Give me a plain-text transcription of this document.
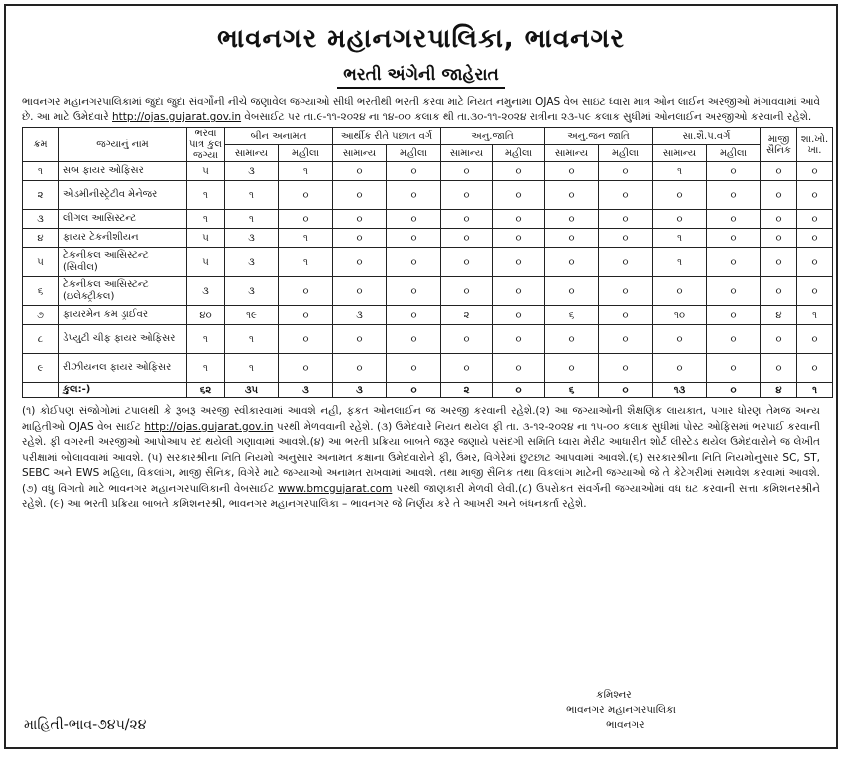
ભાવનગર મહાનગરપાલિકા, ભાવનગર
ભરતી અંગેની જાહેરાત
ભાવનગર મહાનગરપાલિકામાં જુદા જુદા સંવર્ગોની નીચે જણાવેલ જગ્યાઓ સીધી ભરતીથી ભરતી કરવા માટે નિયત નમુનામા OJAS વેબ સાઇટ ધ્વારા માત્ર ઓન લાઈન અરજીઓ મંગાવવામાં આવે છે. આ માટે ઉમેદવારે http://ojas.gujarat.gov.in વેબસાઈટ પર તા.૯-૧૧-૨૦૨૪ ના ૧૪-૦૦ કલાક થી તા.૩૦-૧૧-૨૦૨૪ રાત્રીના ૨૩-૫૯ કલાક સુધીમાં ઓનલાઈન અરજીઓ કરવાની રહેશે.
ક્રમ	જગ્યાનું નામ	ભરવા પાત્ર કુલ જગ્યા	બીન અનામત		આર્થીક રીતે પછાત વર્ગ		અનુ.જાતિ		અનુ.જન જાતિ		સા.શૈ.પ.વર્ગ		માજી સૈનિક	શા.ખો. ખા.
			સામાન્ય	મહીલા	સામાન્ય	મહીલા	સામાન્ય	મહીલા	સામાન્ય	મહીલા	સામાન્ય	મહીલા		
૧	સબ ફાયર ઓફિસર	૫	૩	૧	૦	૦	૦	૦	૦	૦	૧	૦	૦	૦
૨	એડમીનીસ્ટ્રેટીવ મેનેજર	૧	૧	૦	૦	૦	૦	૦	૦	૦	૦	૦	૦	૦
૩	લીગલ આસિસ્ટન્ટ	૧	૧	૦	૦	૦	૦	૦	૦	૦	૦	૦	૦	૦
૪	ફાયર ટેકનીશીયન	૫	૩	૧	૦	૦	૦	૦	૦	૦	૧	૦	૦	૦
૫	ટેકનીકલ આસિસ્ટન્ટ (સિવીલ)	૫	૩	૧	૦	૦	૦	૦	૦	૦	૧	૦	૦	૦
૬	ટેકનીકલ આસિસ્ટન્ટ (ઇલેક્ટ્રીકલ)	૩	૩	૦	૦	૦	૦	૦	૦	૦	૦	૦	૦	૦
૭	ફાયરમેન કમ ડ્રાઈવર	૪૦	૧૯	૦	૩	૦	૨	૦	૬	૦	૧૦	૦	૪	૧
૮	ડેપ્યુટી ચીફ ફાયર ઓફિસર	૧	૧	૦	૦	૦	૦	૦	૦	૦	૦	૦	૦	૦
૯	રીઝીયનલ ફાયર ઓફિસર	૧	૧	૦	૦	૦	૦	૦	૦	૦	૦	૦	૦	૦
	કુલ:-)	૬૨	૩૫	૩	૩	૦	૨	૦	૬	૦	૧૩	૦	૪	૧
(૧) કોઈપણ સંજોગોમાં ટપાલથી કે રૂબરૂ અરજી સ્વીકારવામાં આવશે નહી, ફકત ઓનલાઈન જ અરજી કરવાની રહેશે.(૨) આ જગ્યાઓની શૈક્ષણિક લાયકાત, પગાર ધોરણ તેમજ અન્ય માહિતીઓ OJAS વેબ સાઈટ http://ojas.gujarat.gov.in પરથી મેળવવાની રહેશે. (૩) ઉમેદવારે નિયત થયેલ ફી તા. ૩-૧૨-૨૦૨૪ ના ૧૫-૦૦ કલાક સુધીમાં પોસ્ટ ઓફિસમાં ભરપાઈ કરવાની રહેશે. ફી વગરની અરજીઓ આપોઆપ રદ થયેલી ગણાવામાં આવશે.(૪) આ ભરતી પ્રક્રિયા બાબતે જરૂર જણાયે પસંદગી સમિતિ ધ્વારા મેરીટ આધારીત શોર્ટ લીસ્ટેડ થયેલ ઉમેદવારોને જ લેખીત પરીક્ષામાં બોલાવવામાં આવશે. (૫) સરકારશ્રીના નિતિ નિયમો અનુસાર અનામત કક્ષાના ઉમેદવારોને ફી, ઉંમર, વિગેરેમાં છુટછાટ આપવામાં આવશે.(૬) સરકારશ્રીના નિતિ નિયમોનુસાર SC, ST, SEBC અને EWS મહિલા, વિકલાંગ, માજી સૈનિક, વિગેરે માટે જગ્યાઓ અનામત રાખવામાં આવશે. તથા માજી સૈનિક તથા વિકલાંગ માટેની જગ્યાઓ જે તે કેટેગરીમાં સમાવેશ કરવામાં આવશે. (૭) વધુ વિગતો માટે ભાવનગર મહાનગરપાલિકાની વેબસાઈટ www.bmcgujarat.com પરથી જાણકારી મેળવી લેવી.(૮) ઉપરોકત સંવર્ગની જગ્યાઓમાં વધ ઘટ કરવાની સત્તા કમિશનરશ્રીને રહેશે. (૯) આ ભરતી પ્રક્રિયા બાબતે કમિશનરશ્રી, ભાવનગર મહાનગરપાલિકા – ભાવનગર જે નિર્ણય કરે તે આખરી અને બંધનકર્તા રહેશે.
માહિતી-ભાવ-૭૪૫/૨૪
કમિશ્નર
ભાવનગર મહાનગરપાલિકા
ભાવનગર
